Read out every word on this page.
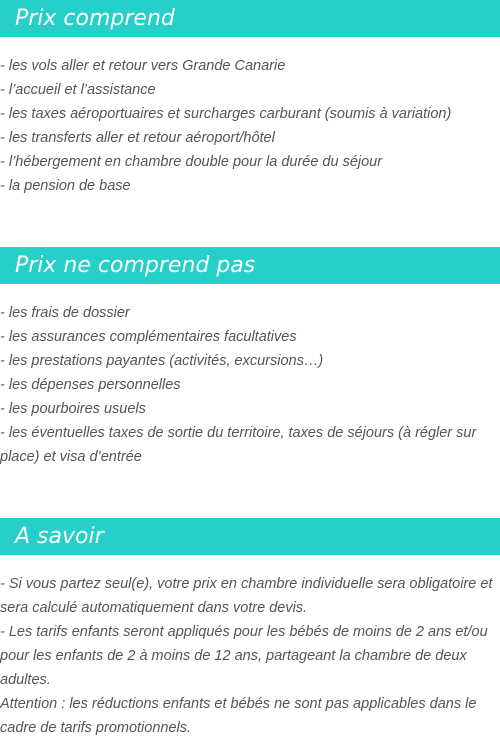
Prix comprend
- les vols aller et retour vers Grande Canarie
- l’accueil et l’assistance
- les taxes aéroportuaires et surcharges carburant (soumis à variation)
- les transferts aller et retour aéroport/hôtel
- l’hébergement en chambre double pour la durée du séjour
- la pension de base
Prix ne comprend pas
- les frais de dossier
- les assurances complémentaires facultatives
- les prestations payantes (activités, excursions…)
- les dépenses personnelles
- les pourboires usuels
- les éventuelles taxes de sortie du territoire, taxes de séjours (à régler sur place) et visa d’entrée
A savoir
- Si vous partez seul(e), votre prix en chambre individuelle sera obligatoire et sera calculé automatiquement dans votre devis.
- Les tarifs enfants seront appliqués pour les bébés de moins de 2 ans et/ou pour les enfants de 2 à moins de 12 ans, partageant la chambre de deux adultes.
Attention : les réductions enfants et bébés ne sont pas applicables dans le cadre de tarifs promotionnels.
